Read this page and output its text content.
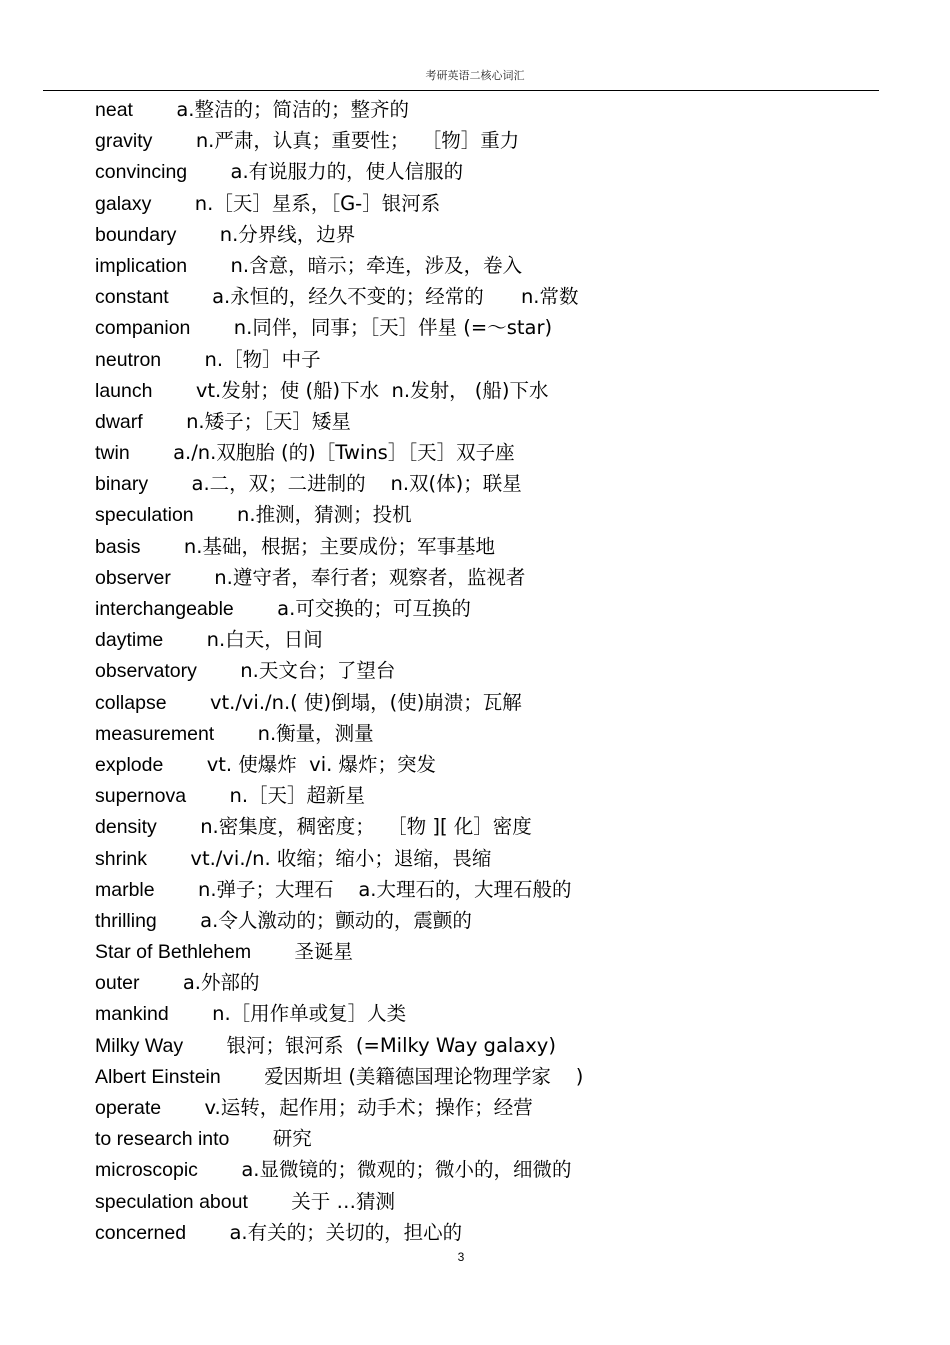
考研英语二核心词汇
neat a.整洁的；简洁的；整齐的
gravity n.严肃，认真；重要性；  ［物］重力
convincing a.有说服力的，使人信服的
galaxy n.［天］星系，［G-］银河系
boundary n.分界线，边界
implication n.含意，暗示；牵连，涉及，卷入
constant a.永恒的，经久不变的；经常的      n.常数
companion n.同伴，同事；［天］伴星 (=～star)
neutron n.［物］中子
launch vt.发射；使 (船)下水  n.发射， (船)下水
dwarf n.矮子；［天］矮星
twin a./n.双胞胎 (的)［Twins］［天］双子座
binary a.二，双；二进制的    n.双(体)；联星
speculation n.推测，猜测；投机
basis n.基础，根据；主要成份；军事基地
observer n.遵守者，奉行者；观察者，监视者
interchangeable a.可交换的；可互换的
daytime n.白天，日间
observatory n.天文台；了望台
collapse vt./vi./n.( 使)倒塌，(使)崩溃；瓦解
measurement n.衡量，测量
explode vt. 使爆炸  vi. 爆炸；突发
supernova n.［天］超新星
density n.密集度，稠密度；  ［物 ][ 化］密度
shrink vt./vi./n. 收缩；缩小；退缩，畏缩
marble n.弹子；大理石    a.大理石的，大理石般的
thrilling a.令人激动的；颤动的，震颤的
Star of Bethlehem 圣诞星
outer a.外部的
mankind n.［用作单或复］人类
Milky Way 银河；银河系  (=Milky Way galaxy)
Albert Einstein 爱因斯坦 (美籍德国理论物理学家    )
operate v.运转，起作用；动手术；操作；经营
to research into 研究
microscopic a.显微镜的；微观的；微小的，细微的
speculation about 关于 …猜测
concerned a.有关的；关切的，担心的
3
